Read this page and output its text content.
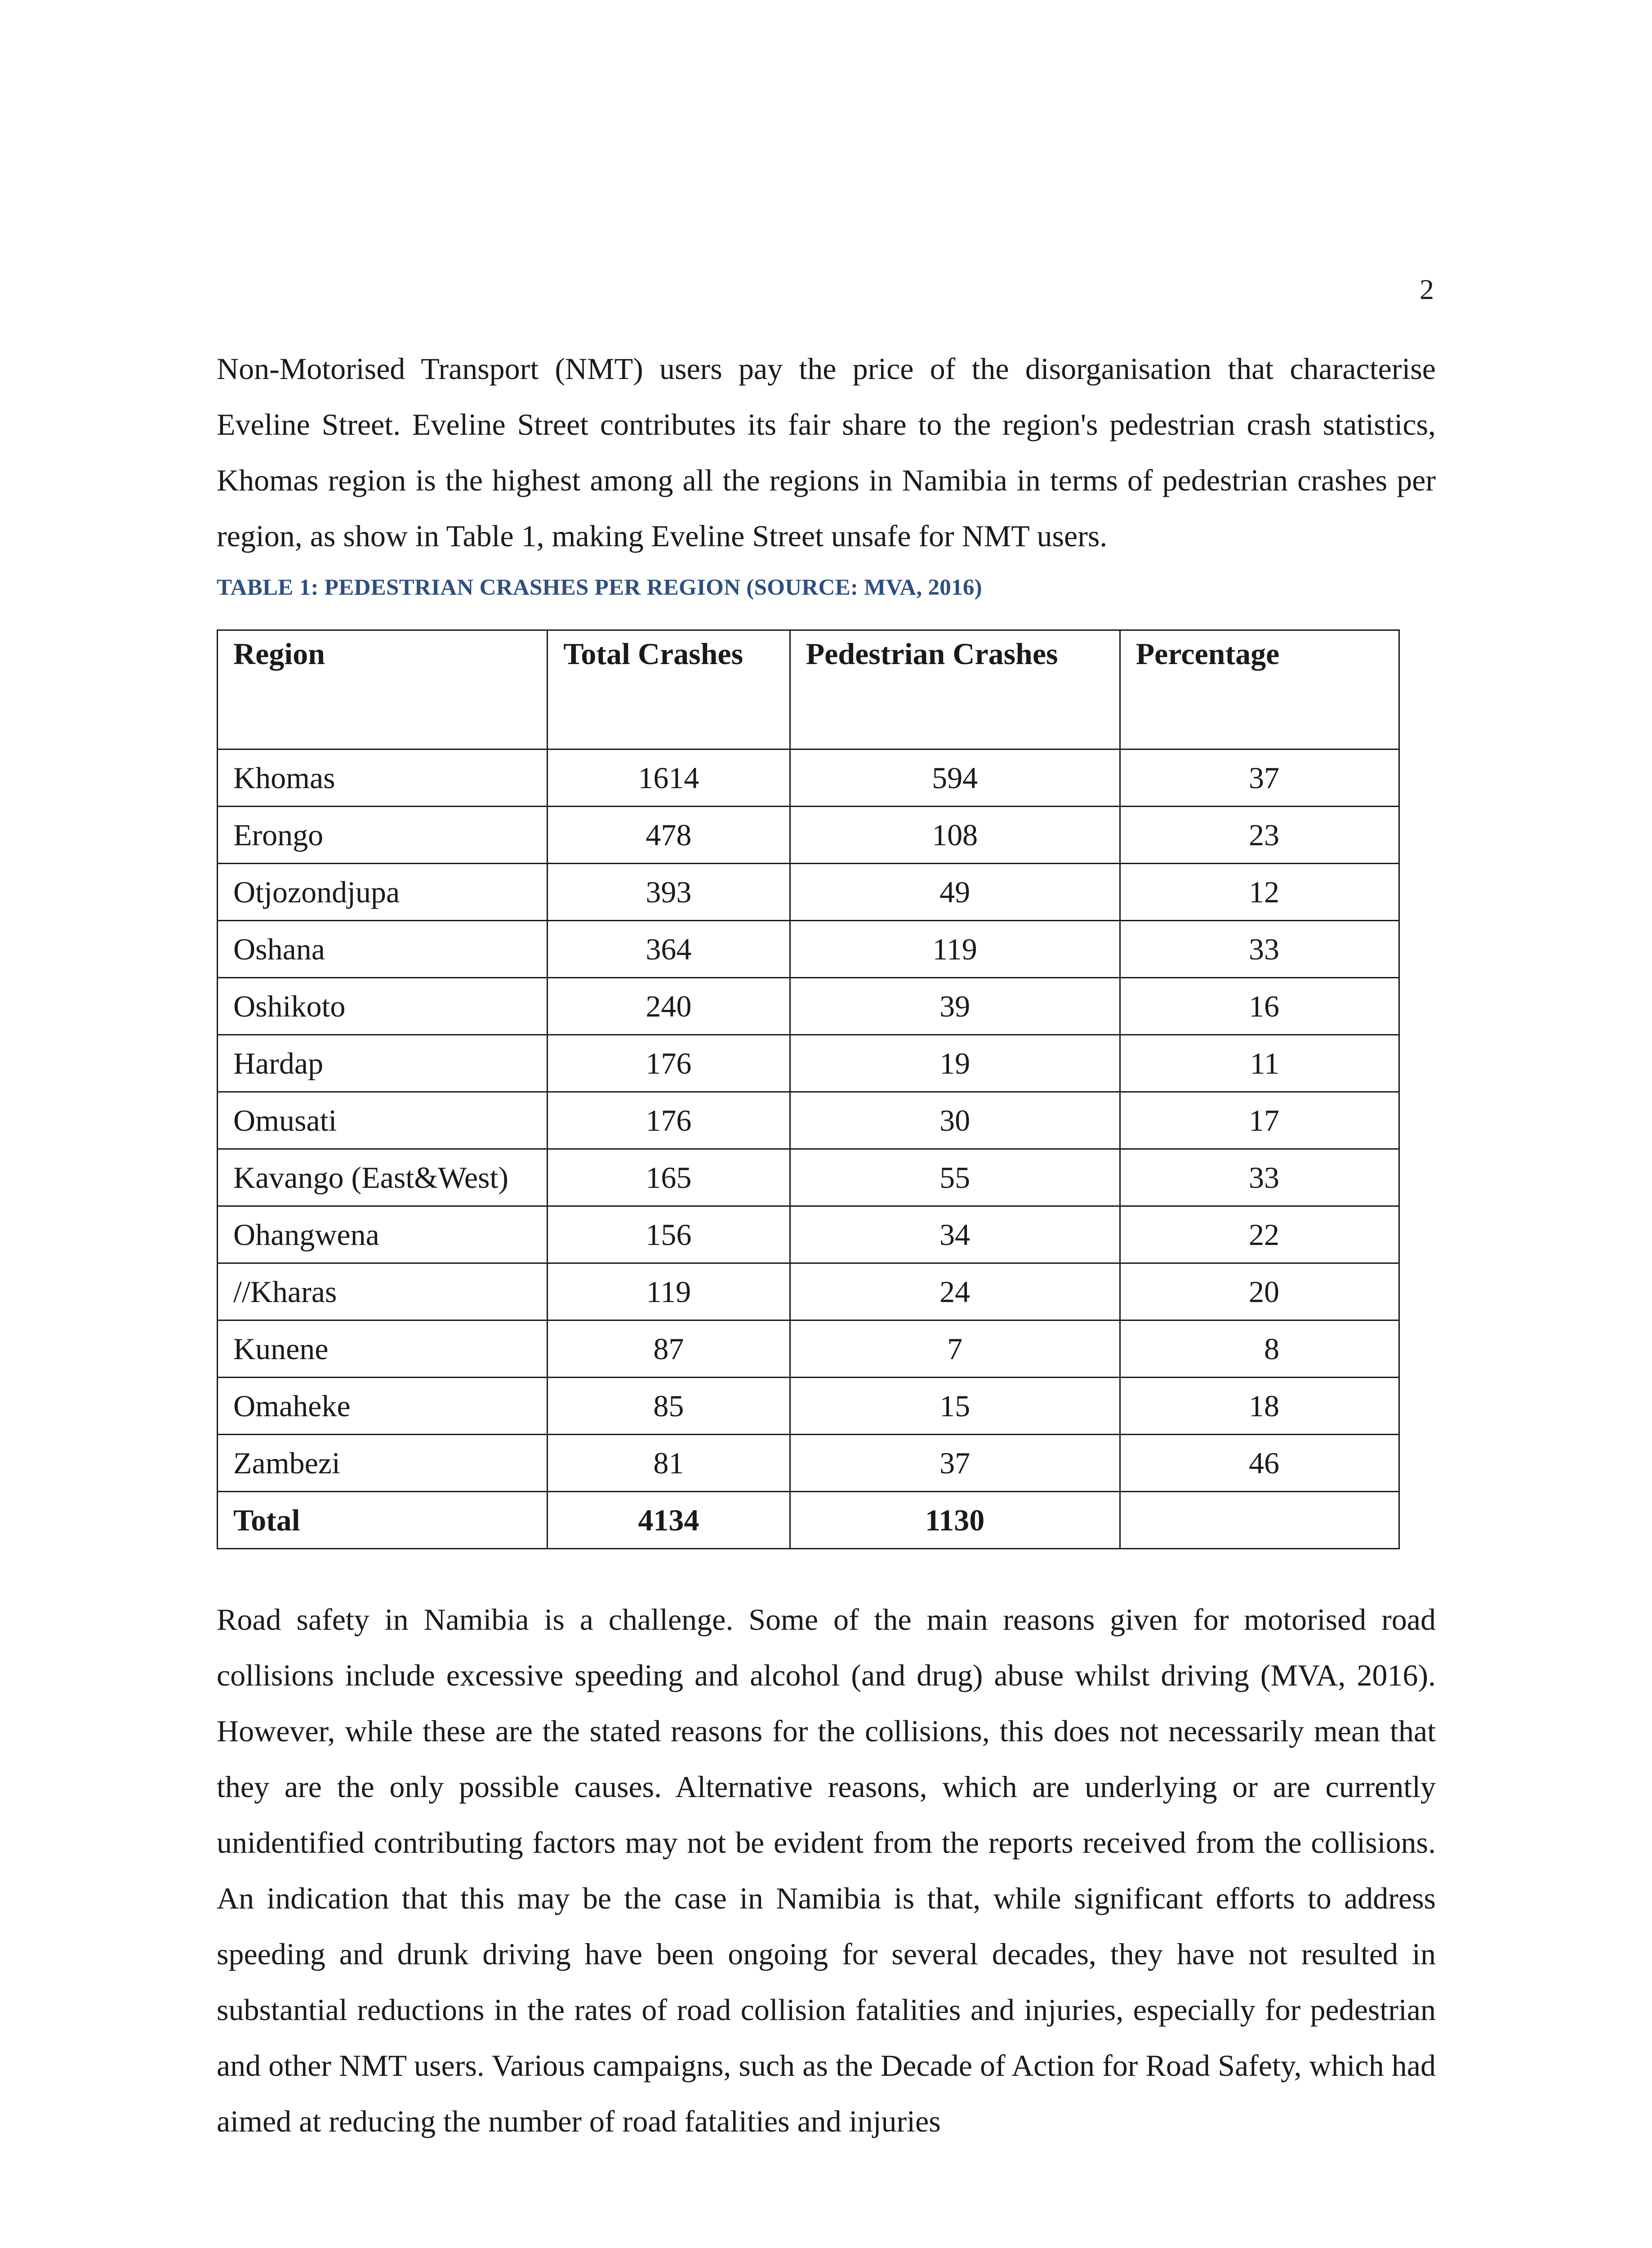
2

Non-Motorised Transport (NMT) users pay the price of the disorganisation that characterise Eveline Street. Eveline Street contributes its fair share to the region's pedestrian crash statistics, Khomas region is the highest among all the regions in Namibia in terms of pedestrian crashes per region, as show in Table 1, making Eveline Street unsafe for NMT users.

TABLE 1: PEDESTRIAN CRASHES PER REGION (SOURCE: MVA, 2016)

Region	Total Crashes	Pedestrian Crashes	Percentage
Khomas	1614	594	37
Erongo	478	108	23
Otjozondjupa	393	49	12
Oshana	364	119	33
Oshikoto	240	39	16
Hardap	176	19	11
Omusati	176	30	17
Kavango (East&West)	165	55	33
Ohangwena	156	34	22
//Kharas	119	24	20
Kunene	87	7	8
Omaheke	85	15	18
Zambezi	81	37	46
Total	4134	1130	

Road safety in Namibia is a challenge. Some of the main reasons given for motorised road collisions include excessive speeding and alcohol (and drug) abuse whilst driving (MVA, 2016). However, while these are the stated reasons for the collisions, this does not necessarily mean that they are the only possible causes. Alternative reasons, which are underlying or are currently unidentified contributing factors may not be evident from the reports received from the collisions. An indication that this may be the case in Namibia is that, while significant efforts to address speeding and drunk driving have been ongoing for several decades, they have not resulted in substantial reductions in the rates of road collision fatalities and injuries, especially for pedestrian and other NMT users. Various campaigns, such as the Decade of Action for Road Safety, which had aimed at reducing the number of road fatalities and injuries
